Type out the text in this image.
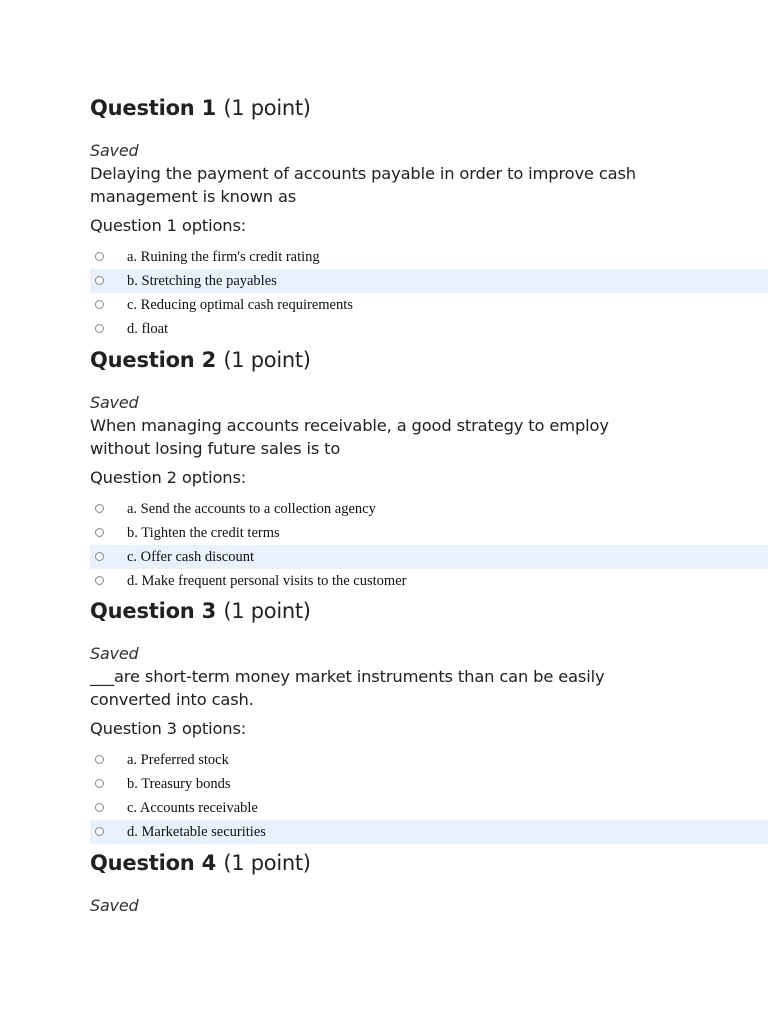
Question 1 (1 point)
Saved
Delaying the payment of accounts payable in order to improve cash management is known as
Question 1 options:
a. Ruining the firm's credit rating
b. Stretching the payables
c. Reducing optimal cash requirements
d. float
Question 2 (1 point)
Saved
When managing accounts receivable, a good strategy to employ without losing future sales is to
Question 2 options:
a. Send the accounts to a collection agency
b. Tighten the credit terms
c. Offer cash discount
d. Make frequent personal visits to the customer
Question 3 (1 point)
Saved
___are short-term money market instruments than can be easily converted into cash.
Question 3 options:
a. Preferred stock
b. Treasury bonds
c. Accounts receivable
d. Marketable securities
Question 4 (1 point)
Saved
